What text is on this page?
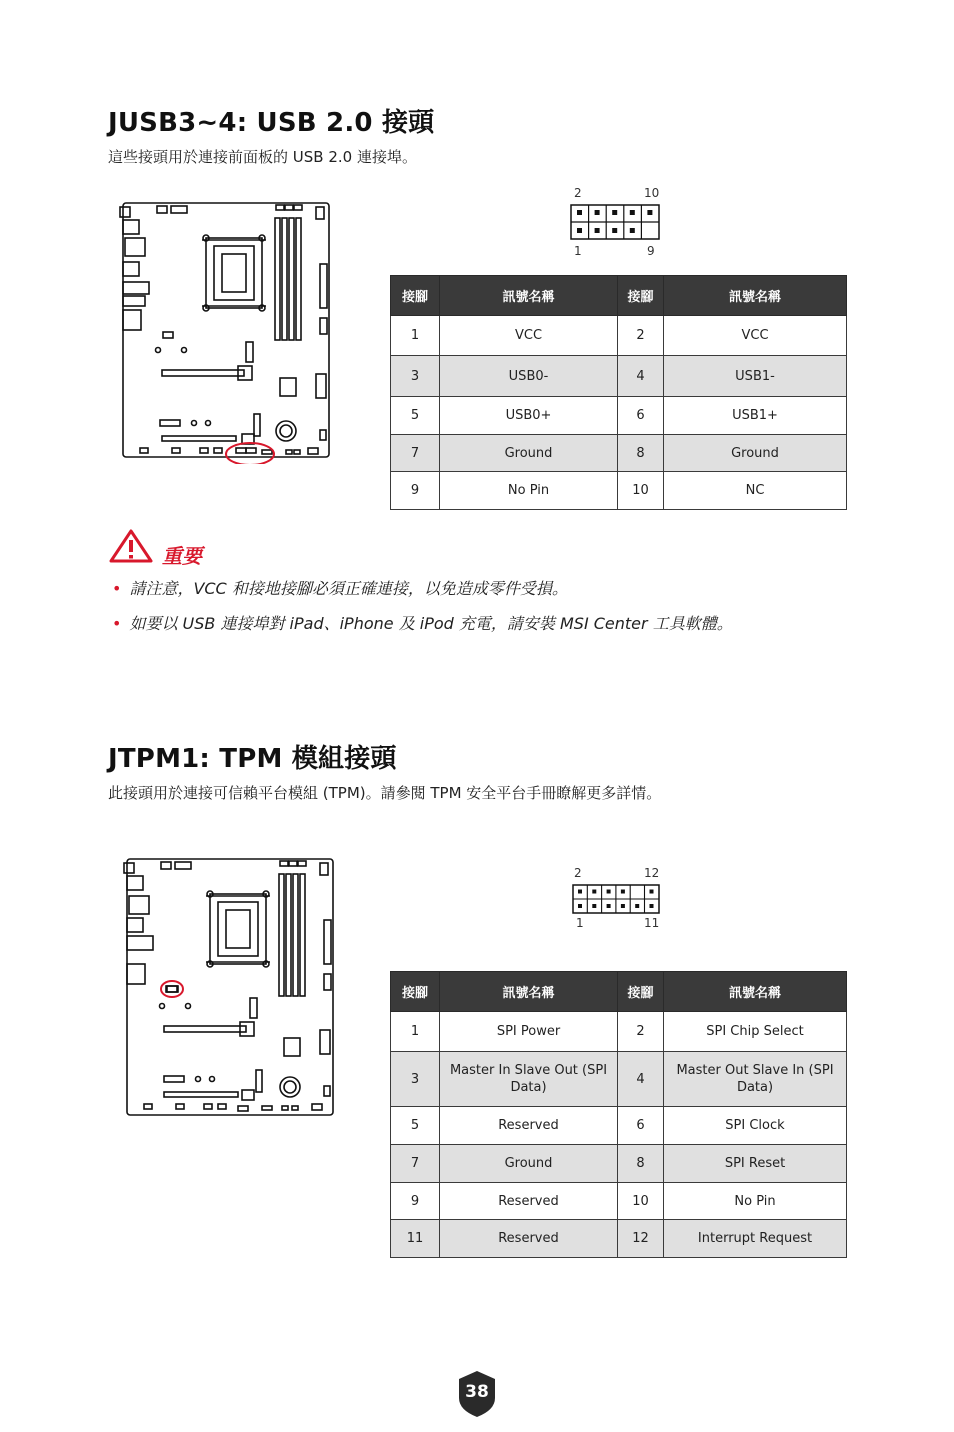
JUSB3~4: USB 2.0 接頭
這些接頭用於連接前面板的 USB 2.0 連接埠。
2	10
1	9
接腳	訊號名稱	接腳	訊號名稱
1	VCC	2	VCC
3	USB0-	4	USB1-
5	USB0+	6	USB1+
7	Ground	8	Ground
9	No Pin	10	NC
重要
• 請注意，VCC 和接地接腳必須正確連接，以免造成零件受損。
• 如要以 USB 連接埠對 iPad、iPhone 及 iPod 充電，請安裝 MSI Center 工具軟體。
JTPM1: TPM 模組接頭
此接頭用於連接可信賴平台模組 (TPM)。請參閱 TPM 安全平台手冊瞭解更多詳情。
2	12
1	11
接腳	訊號名稱	接腳	訊號名稱
1	SPI Power	2	SPI Chip Select
3	Master In Slave Out (SPI Data)	4	Master Out Slave In (SPI Data)
5	Reserved	6	SPI Clock
7	Ground	8	SPI Reset
9	Reserved	10	No Pin
11	Reserved	12	Interrupt Request
38
